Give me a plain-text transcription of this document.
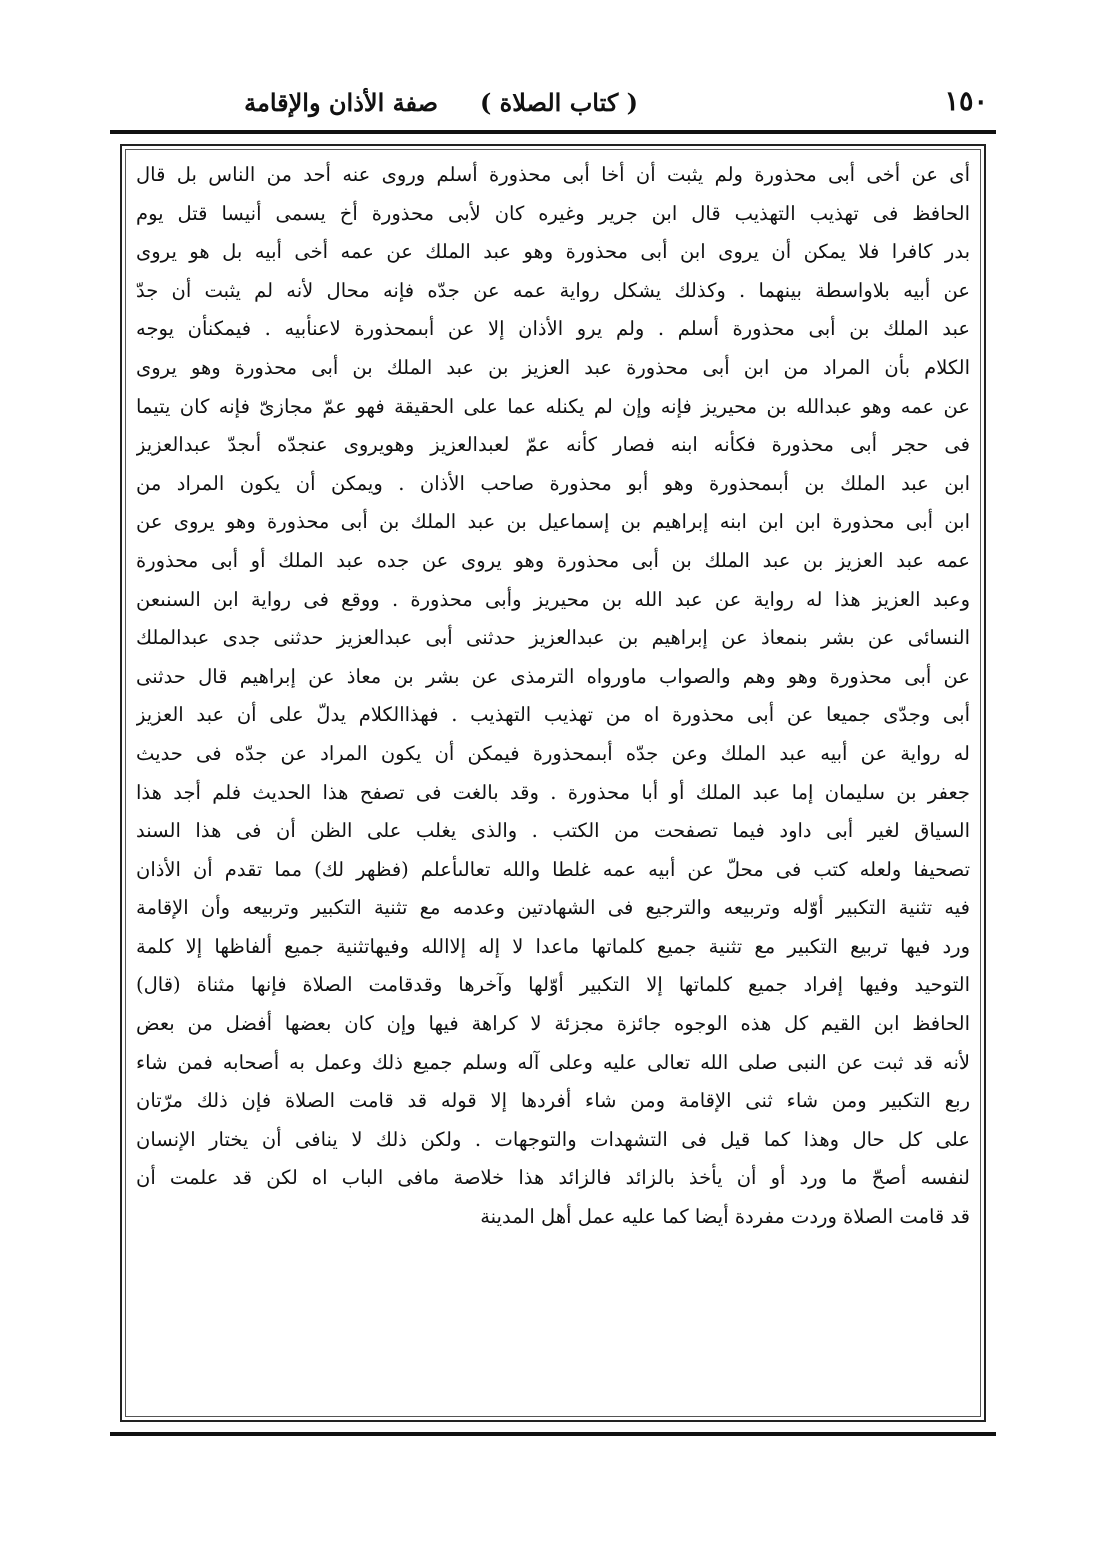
١٥٠
( كتاب الصلاة )
صفة الأذان والإقامة
أى عن أخى أبى محذورة ولم يثبت أن أخا أبى محذورة أسلم وروى عنه أحد من الناس بل قال
الحافظ فى تهذيب التهذيب قال ابن جرير وغيره كان لأبى محذورة أخ يسمى أنيسا قتل يوم
بدر كافرا فلا يمكن أن يروى ابن أبى محذورة وهو عبد الملك عن عمه أخى أبيه بل هو يروى
عن أبيه بلاواسطة بينهما . وكذلك يشكل رواية عمه عن جدّه فإنه محال لأنه لم يثبت أن جدّ
عبد الملك بن أبى محذورة أسلم . ولم يرو الأذان إلا عن أبىمحذورة لاعنأبيه . فيمكنأن يوجه
الكلام بأن المراد من ابن أبى محذورة عبد العزيز بن عبد الملك بن أبى محذورة وهو يروى
عن عمه وهو عبدالله بن محيريز فإنه وإن لم يكنله عما على الحقيقة فهو عمّ مجازىّ فإنه كان يتيما
فى حجر أبى محذورة فكأنه ابنه فصار كأنه عمّ لعبدالعزيز وهويروى عنجدّه أىجدّ عبدالعزيز
ابن عبد الملك بن أبىمحذورة وهو أبو محذورة صاحب الأذان . ويمكن أن يكون المراد من
ابن أبى محذورة ابن ابن ابنه إبراهيم بن إسماعيل بن عبد الملك بن أبى محذورة وهو يروى عن
عمه عبد العزيز بن عبد الملك بن أبى محذورة وهو يروى عن جده عبد الملك أو أبى محذورة
وعبد العزيز هذا له رواية عن عبد الله بن محيريز وأبى محذورة . ووقع فى رواية ابن السنىعن
النسائى عن بشر بنمعاذ عن إبراهيم بن عبدالعزيز حدثنى أبى عبدالعزيز حدثنى جدى عبدالملك
عن أبى محذورة وهو وهم والصواب ماورواه الترمذى عن بشر بن معاذ عن إبراهيم قال حدثنى
أبى وجدّى جميعا عن أبى محذورة اه من تهذيب التهذيب . فهذاالكلام يدلّ على أن عبد العزيز
له رواية عن أبيه عبد الملك وعن جدّه أبىمحذورة فيمكن أن يكون المراد عن جدّه فى حديث
جعفر بن سليمان إما عبد الملك أو أبا محذورة . وقد بالغت فى تصفح هذا الحديث فلم أجد هذا
السياق لغير أبى داود فيما تصفحت من الكتب . والذى يغلب على الظن أن فى هذا السند
تصحيفا ولعله كتب فى محلّ عن أبيه عمه غلطا والله تعالىأعلم (فظهر لك) مما تقدم أن الأذان
فيه تثنية التكبير أوّله وتربيعه والترجيع فى الشهادتين وعدمه مع تثنية التكبير وتربيعه وأن الإقامة
ورد فيها تربيع التكبير مع تثنية جميع كلماتها ماعدا لا إله إلاالله وفيهاتثنية جميع ألفاظها إلا كلمة
التوحيد وفيها إفراد جميع كلماتها إلا التكبير أوّلها وآخرها وقدقامت الصلاة فإنها مثناة (قال)
الحافظ ابن القيم كل هذه الوجوه جائزة مجزئة لا كراهة فيها وإن كان بعضها أفضل من بعض
لأنه قد ثبت عن النبى صلى الله تعالى عليه وعلى آله وسلم جميع ذلك وعمل به أصحابه فمن شاء
ربع التكبير ومن شاء ثنى الإقامة ومن شاء أفردها إلا قوله قد قامت الصلاة فإن ذلك مرّتان
على كل حال وهذا كما قيل فى التشهدات والتوجهات . ولكن ذلك لا ينافى أن يختار الإنسان
لنفسه أصحّ ما ورد أو أن يأخذ بالزائد فالزائد هذا خلاصة مافى الباب اه لكن قد علمت أن
قد قامت الصلاة وردت مفردة أيضا كما عليه عمل أهل المدينة
